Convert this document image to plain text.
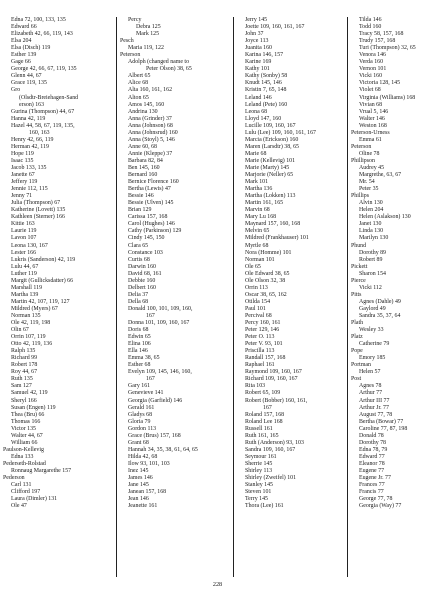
Edna 72, 100, 133, 135
Edward 66
Elizabeth 42, 66, 119, 143
Elsa 204
Elsa (Disch) 119
Esther 139
Gage 66
George 42, 66, 67, 119, 135
Glenn 44, 67
Grace 119, 135
Gro
(Olsdtr-Breiehagen-Sand
erson) 163
Gurina (Thompson) 44, 67
Hanna 42, 119
Hazel 44, 58, 67, 119, 135,
160, 163
Henry 42, 66, 119
Herman 42, 119
Hope 119
Isaac 135
Jacob 133, 135
Janette 67
Jeffery 119
Jennie 112, 115
Jenny 71
Julia (Thompson) 67
Katherine (Lovett) 135
Kathleen (Sterner) 166
Kittie 163
Laurie 119
Lavon 107
Leona 130, 167
Lester 166
Lukris (Sanderson) 42, 119
Lulu 44, 67
Luther 119
Margit (Gullicksdatter) 66
Marshall 119
Martha 139
Martin 42, 107, 119, 127
Mildred (Myers) 67
Norman 135
Ole 42, 119, 198
Olin 67
Orrin 107, 119
Otto 42, 119, 136
Ralph 135
Richard 99
Robert 178
Roy 44, 67
Ruth 135
Sam 127
Samuel 42, 119
Sheryl 166
Susan (Engen) 119
Thea (Bru) 66
Thomas 166
Victor 135
Walter 44, 67
William 66
Paulson-Kellevig
Edna 133
Pederseth-Rolstad
Ronnaug Margarethe 157
Pederson
Carl 131
Clifford 197
Laura (Dimler) 131
Ole 47
Percy
Debra 125
Mark 125
Pesch
Maria 119, 122
Peterson
Adolph (changed name to
Peter Olson) 38, 65
Albert 65
Alice 68
Alta 160, 161, 162
Alton 65
Amos 145, 160
Andrina 130
Anna (Grinder) 37
Anna (Johnson) 68
Anna (Johnsrud) 160
Anna (Stoyl) 5, 146
Anne 60, 68
Annie (Kleppe) 37
Barbara 82, 84
Ben 145, 160
Bernard 160
Bernice Florence 160
Bertha (Lewis) 47
Bessie 146
Bessie (Ulven) 145
Brian 129
Carissa 157, 168
Carol (Hughes) 146
Cathy (Parkinson) 129
Cindy 145, 150
Clara 65
Constance 103
Curtis 68
Darwin 160
David 68, 161
Debbie 160
Delbert 160
Delia 37
Della 68
Donald 100, 101, 109, 160,
167
Donna 101, 109, 160, 167
Doris 68
Edwin 65
Elina 106
Ella 146
Emma 38, 65
Esther 68
Evelyn 109, 145, 146, 160,
167
Gary 161
Genevieve 141
Georgia (Garfield) 146
Gerald 161
Gladys 68
Gloria 79
Gordon 113
Grace (Brus) 157, 168
Grant 68
Hannah 34, 35, 38, 61, 64, 65
Hilda 42, 68
Ilow 93, 101, 103
Inez 145
James 146
Jane 145
Janean 157, 168
Jean 146
Jeanette 161
Jerry 145
Joette 109, 160, 161, 167
John 37
Joyce 113
Juanita 160
Karina 146, 157
Karine 169
Kathy 101
Kathy (Sonby) 58
Knudt 145, 146
Kristin 7, 65, 148
Leland 146
Leland (Pete) 160
Leona 68
Lloyd 147, 160
Lucille 109, 160, 167
Lulu (Lee) 109, 160, 161, 167
Marcia (Erickson) 160
Maren (Larsdtr) 38, 65
Marie 68
Marie (Kellevig) 101
Marie (Marty) 145
Marjorie (Neller) 65
Mark 101
Martha 136
Martha (Lokken) 113
Martin 161, 165
Marvin 68
Mary Lu 168
Maynard 157, 160, 168
Melvin 65
Mildred (Frankhauser) 101
Myrtle 68
Nora (Homme) 101
Norman 101
Ole 65
Ole Edward 38, 65
Ole Olson 32, 38
Orrin 113
Oscar 38, 65, 162
Otilda 154
Paul 101
Percival 68
Percy 160, 161
Peter 129, 146
Peter O. 113
Peter V. 93, 101
Priscilla 113
Randall 157, 168
Raphael 161
Raymond 109, 160, 167
Richard 109, 160, 167
Rita 103
Robert 65, 109
Robert (Bobber) 160, 161,
167
Roland 157, 168
Roland Lee 168
Russell 161
Ruth 161, 165
Ruth (Anderson) 93, 103
Sandra 109, 160, 167
Seymour 161
Sherrie 145
Shirley 113
Shirley (Zweifel) 101
Stanley 145
Steven 101
Terry 145
Thora (Lee) 161
Tilda 146
Todd 160
Tracy 58, 157, 168
Trudy 157, 168
Turi (Thompson) 32, 65
Venora 146
Verda 160
Vernon 101
Vicki 160
Victoria 128, 145
Violet 68
Virginia (Williams) 168
Vivian 68
Vrual 5, 146
Walter 146
Weston 168
Peterson-Urness
Emma 61
Peterson
Oline 78
Phillipson
Audrey 45
Margrethe, 63, 67
Mr. 54
Peter 35
Phillips
Alvin 130
Helen 204
Helen (Aslakson) 130
Janet 130
Linda 130
Marilyn 130
Phund
Dorothy 89
Robert 89
Pickett
Sharon 154
Pierce
Vicki 112
Pitts
Agnes (Dahle) 49
Gaylord 49
Sandra 35, 37, 64
Plath
Wesley 33
Platz
Catherine 79
Pope
Emory 185
Portman
Helen 57
Post
Agnes 78
Arthur 77
Arthur III 77
Arthur Jr. 77
August 77, 78
Bertha (Bowar) 77
Caroline 77, 87, 198
Donald 78
Dorothy 78
Edna 78, 79
Edward 77
Eleanor 78
Eugene 77
Eugene Jr. 77
Frances 77
Francis 77
George 77, 78
Georgia (Way) 77
228
